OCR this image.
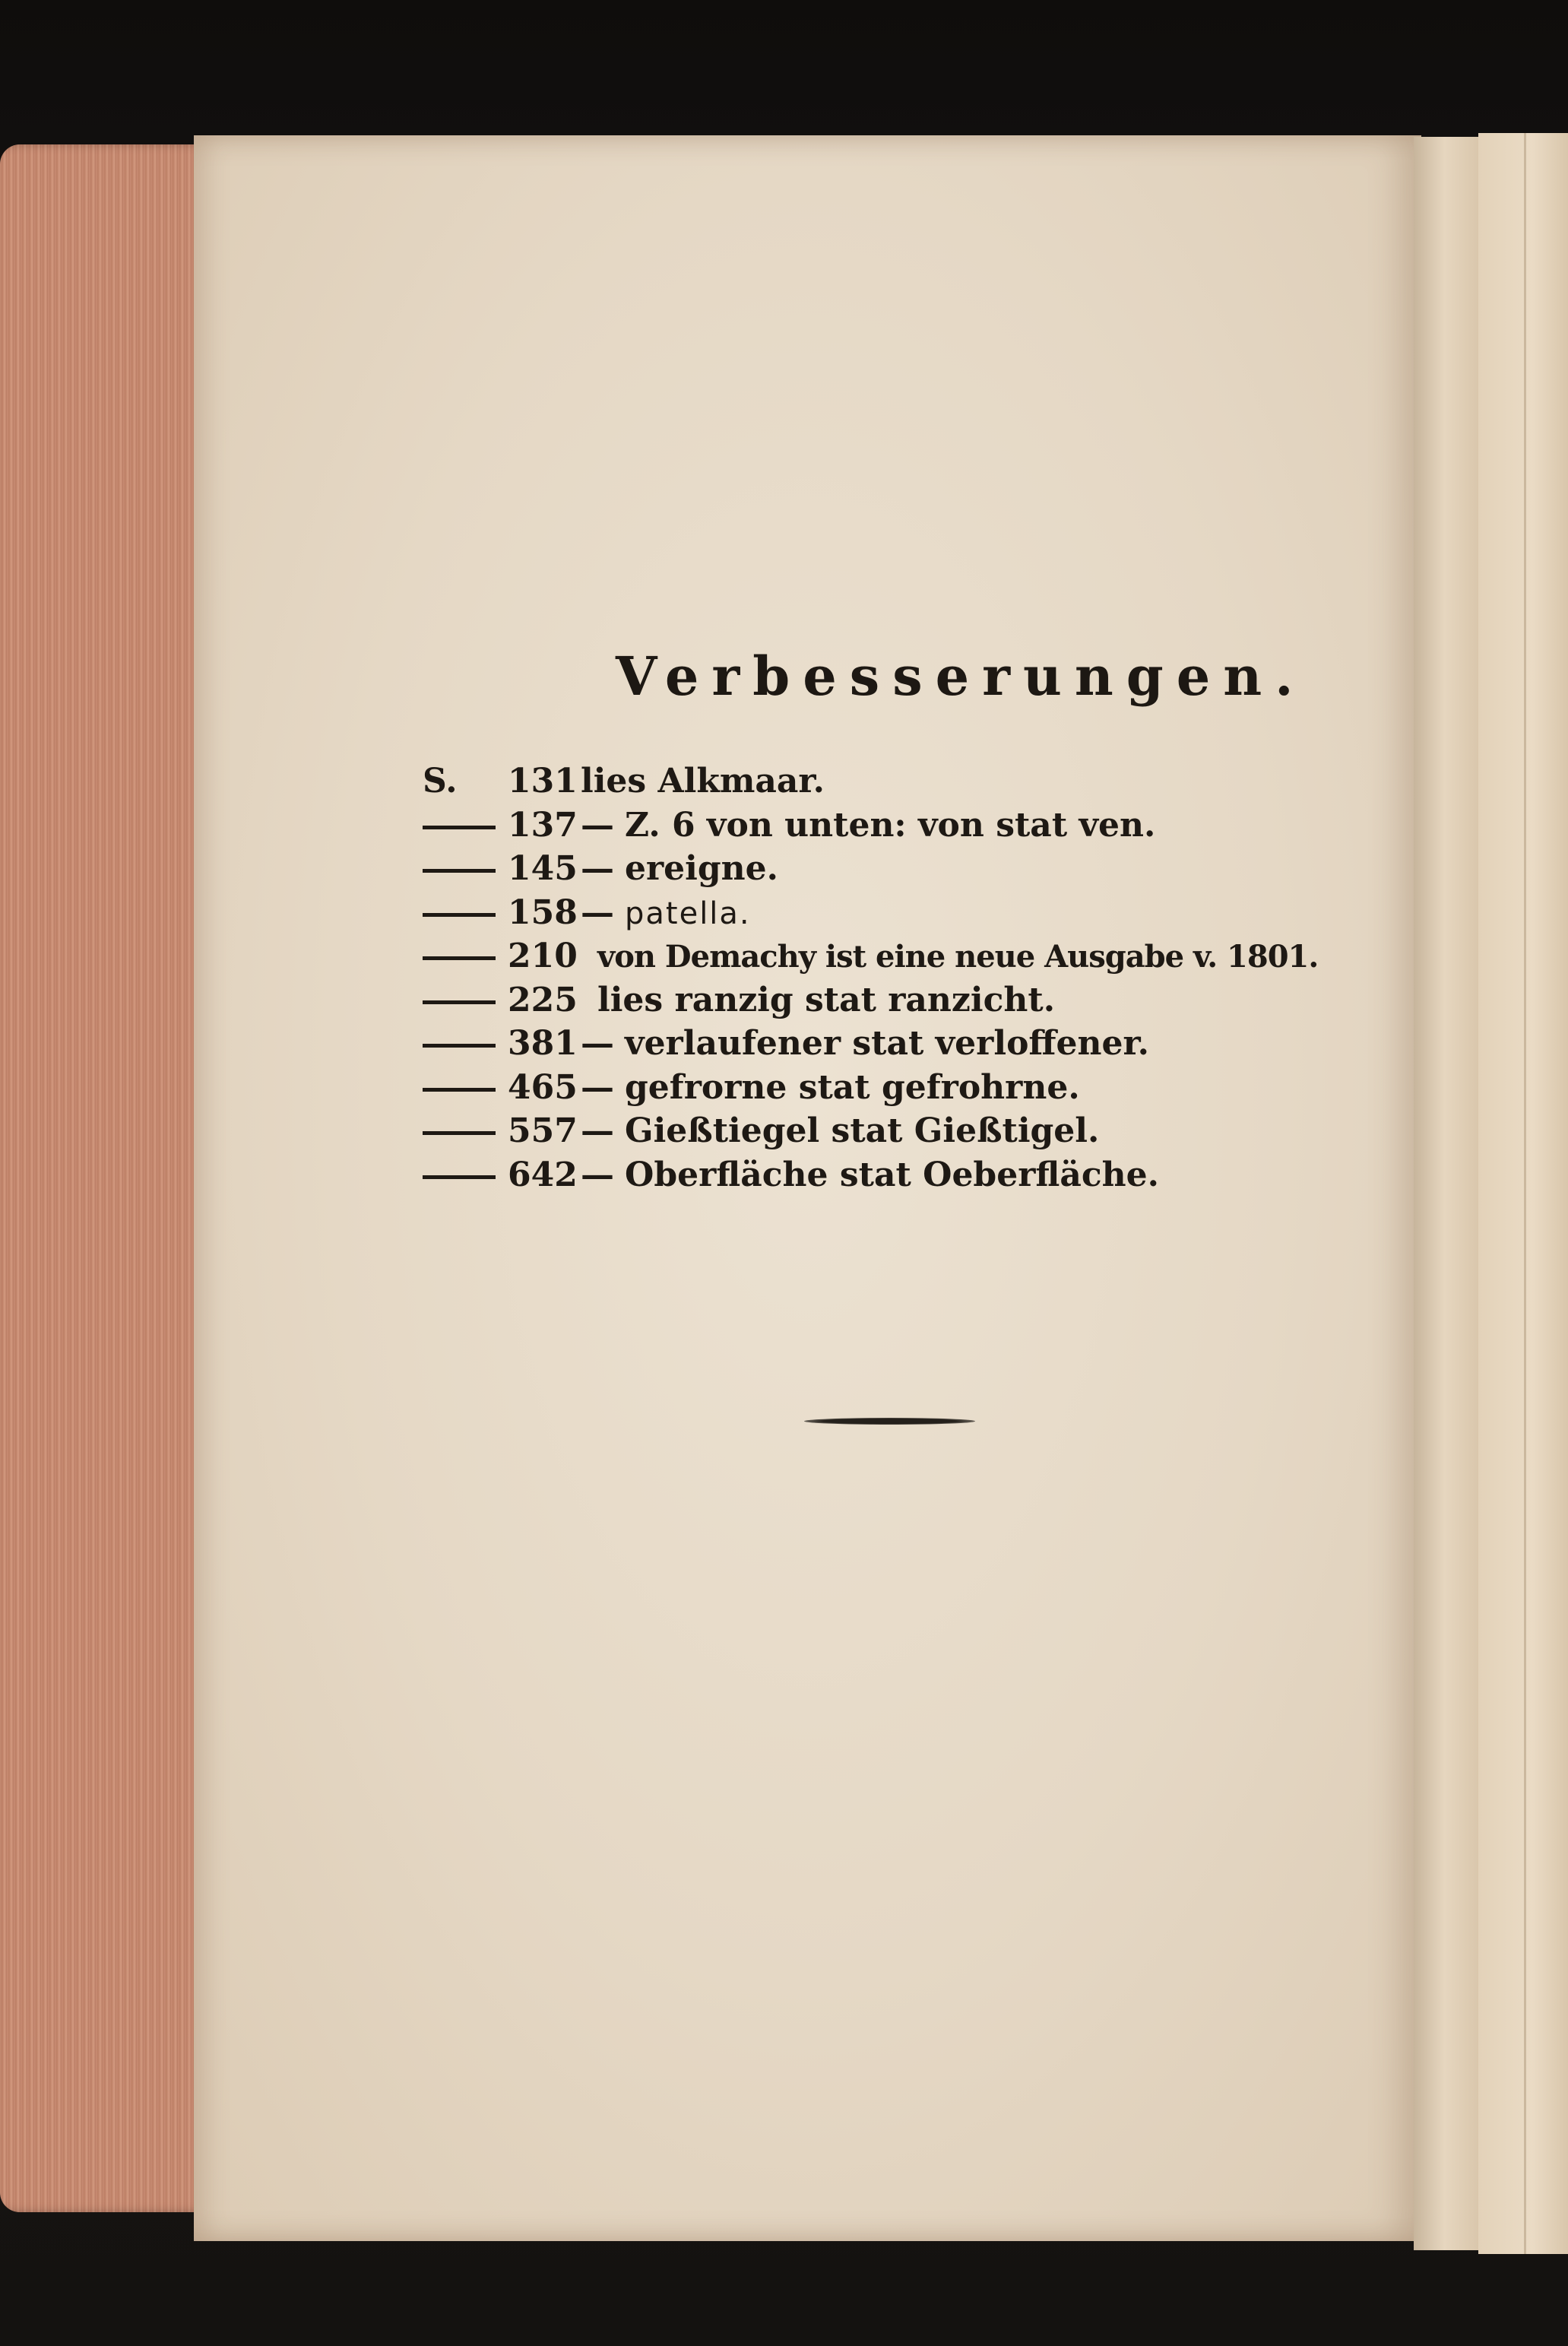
Verbesserungen.
S. 131lies Alkmaar.
137— Z. 6 von unten: von stat ven.
145— ereigne.
158— patella.
210 von Demachy ist eine neue Ausgabe v. 1801.
225 lies ranzig stat ranzicht.
381— verlaufener stat verloffener.
465— gefrorne stat gefrohrne.
557— Gießtiegel stat Gießtigel.
642— Oberfläche stat Oeberfläche.
